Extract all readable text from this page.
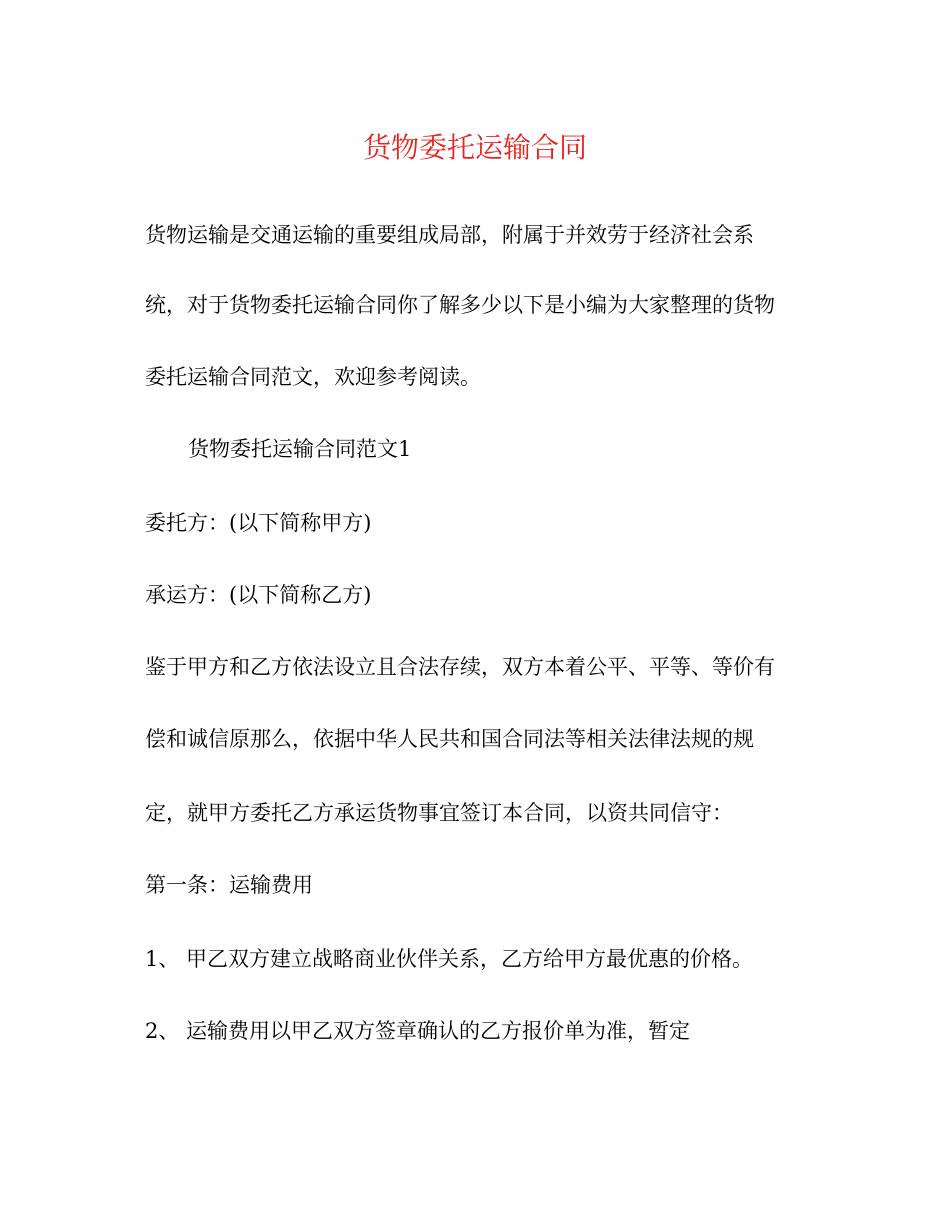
货物委托运输合同
货物运输是交通运输的重要组成局部，附属于并效劳于经济社会系
统，对于货物委托运输合同你了解多少以下是小编为大家整理的货物
委托运输合同范文，欢迎参考阅读。
货物委托运输合同范文1
委托方：(以下简称甲方)
承运方：(以下简称乙方)
鉴于甲方和乙方依法设立且合法存续，双方本着公平、平等、等价有
偿和诚信原那么，依据中华人民共和国合同法等相关法律法规的规
定，就甲方委托乙方承运货物事宜签订本合同，以资共同信守：
第一条：运输费用
1、 甲乙双方建立战略商业伙伴关系，乙方给甲方最优惠的价格。
2、 运输费用以甲乙双方签章确认的乙方报价单为准，暂定
